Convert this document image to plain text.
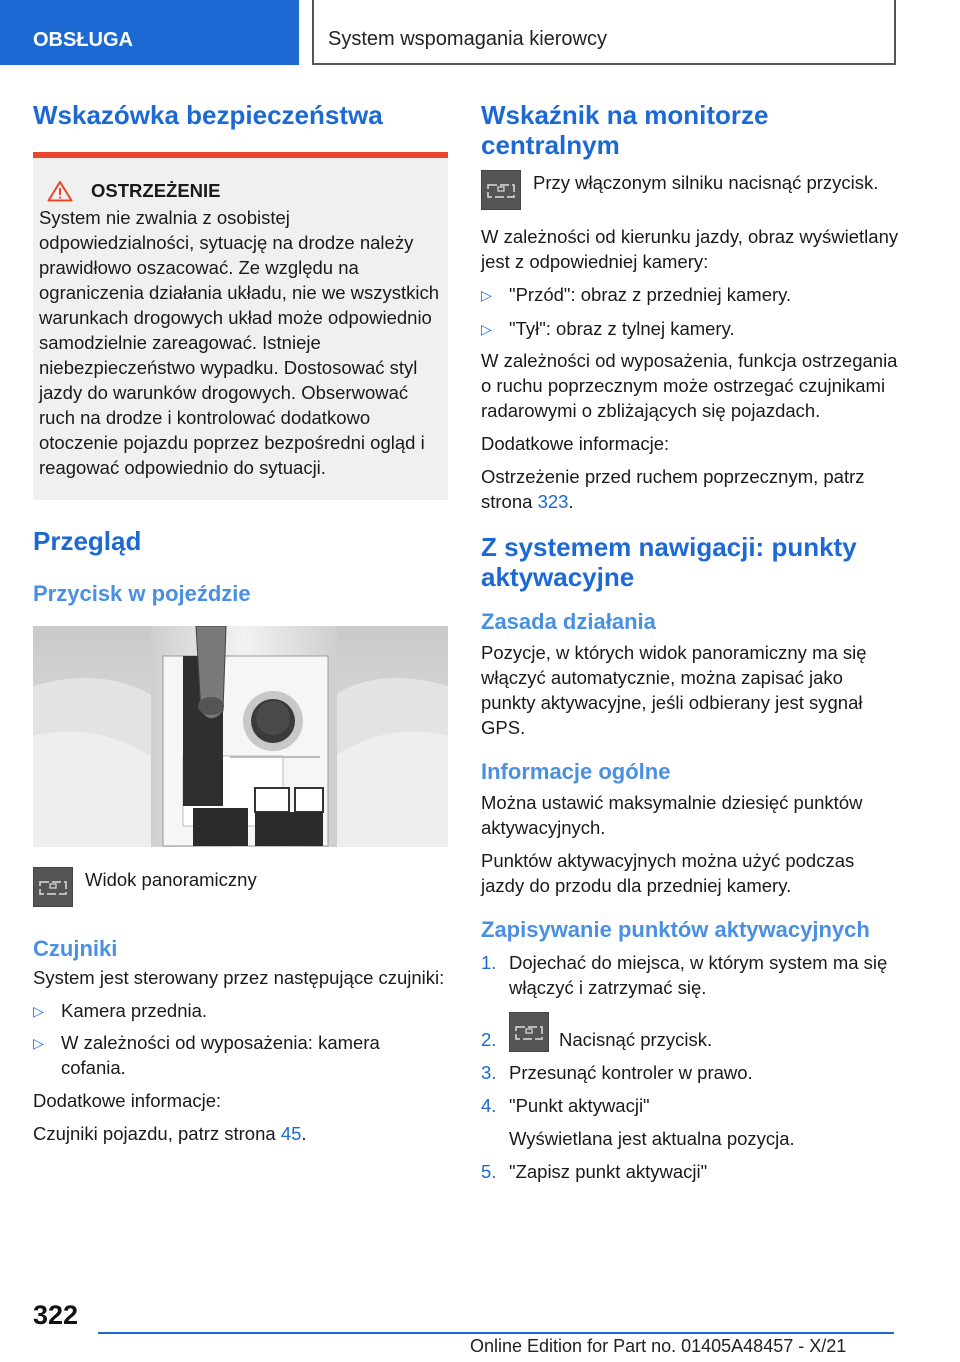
OBSŁUGA	System wspomagania kierowcy
Wskazówka bezpieczeństwa
OSTRZEŻENIE

System nie zwalnia z osobistej odpowiedzialności, sytuację na drodze należy prawidłowo oszacować. Ze względu na ograniczenia działania układu, nie we wszystkich warunkach drogowych układ może odpowiednio samodzielnie zareagować. Istnieje niebezpieczeństwo wypadku. Dostosować styl jazdy do warunków drogowych. Obserwować ruch na drodze i kontrolować dodatkowo otoczenie pojazdu poprzez bezpośredni ogląd i reagować odpowiednio do sytuacji.

Przegląd
Przycisk w pojeździe

Widok panoramiczny

Czujniki

System jest sterowany przez następujące czujniki:

▷ Kamera przednia.
▷ W zależności od wyposażenia: kamera cofania.

Dodatkowe informacje:

Czujniki pojazdu, patrz strona 45.

Wskaźnik na monitorze centralnym

Przy włączonym silniku nacisnąć przycisk.

W zależności od kierunku jazdy, obraz wyświetlany jest z odpowiedniej kamery:

▷ "Przód": obraz z przedniej kamery.
▷ "Tył": obraz z tylnej kamery.

W zależności od wyposażenia, funkcja ostrzegania o ruchu poprzecznym może ostrzegać czujnikami radarowymi o zbliżających się pojazdach.

Dodatkowe informacje:

Ostrzeżenie przed ruchem poprzecznym, patrz strona 323.

Z systemem nawigacji: punkty aktywacyjne
Zasada działania

Pozycje, w których widok panoramiczny ma się włączyć automatycznie, można zapisać jako punkty aktywacyjne, jeśli odbierany jest sygnał GPS.

Informacje ogólne

Można ustawić maksymalnie dziesięć punktów aktywacyjnych.

Punktów aktywacyjnych można użyć podczas jazdy do przodu dla przedniej kamery.

Zapisywanie punktów aktywacyjnych
1. Dojechać do miejsca, w którym system ma się włączyć i zatrzymać się.
2.	Nacisnąć przycisk.
3. Przesunąć kontroler w prawo.
4. "Punkt aktywacji"
Wyświetlana jest aktualna pozycja.
5. "Zapisz punkt aktywacji"
322
Online Edition for Part no. 01405A48457 - X/21
